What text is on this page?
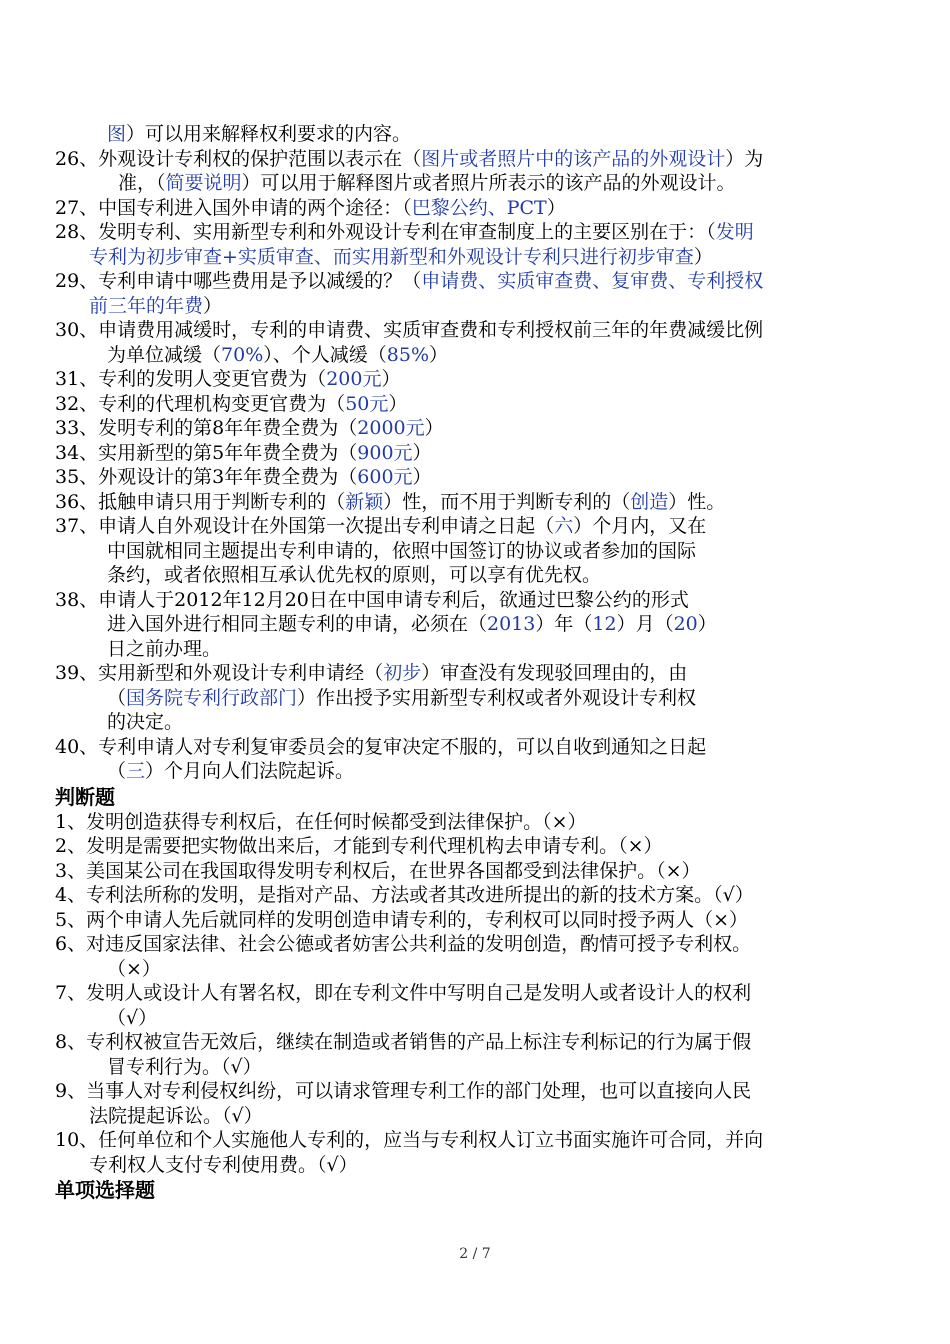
图）可以用来解释权利要求的内容。
26、外观设计专利权的保护范围以表示在（图片或者照片中的该产品的外观设计）为
准，（简要说明）可以用于解释图片或者照片所表示的该产品的外观设计。
27、中国专利进入国外申请的两个途径：（巴黎公约、PCT）
28、发明专利、实用新型专利和外观设计专利在审查制度上的主要区别在于：（发明
专利为初步审查+实质审查、而实用新型和外观设计专利只进行初步审查）
29、专利申请中哪些费用是予以减缓的？（申请费、实质审查费、复审费、专利授权
前三年的年费）
30、申请费用减缓时，专利的申请费、实质审查费和专利授权前三年的年费减缓比例
为单位减缓（70%）、个人减缓（85%）
31、专利的发明人变更官费为（200元）
32、专利的代理机构变更官费为（50元）
33、发明专利的第8年年费全费为（2000元）
34、实用新型的第5年年费全费为（900元）
35、外观设计的第3年年费全费为（600元）
36、抵触申请只用于判断专利的（新颖）性，而不用于判断专利的（创造）性。
37、申请人自外观设计在外国第一次提出专利申请之日起（六）个月内，又在
中国就相同主题提出专利申请的，依照中国签订的协议或者参加的国际
条约，或者依照相互承认优先权的原则，可以享有优先权。
38、申请人于2012年12月20日在中国申请专利后，欲通过巴黎公约的形式
进入国外进行相同主题专利的申请，必须在（2013）年（12）月（20）
日之前办理。
39、实用新型和外观设计专利申请经（初步）审查没有发现驳回理由的，由
（国务院专利行政部门）作出授予实用新型专利权或者外观设计专利权
的决定。
40、专利申请人对专利复审委员会的复审决定不服的，可以自收到通知之日起
（三）个月向人们法院起诉。
判断题
1、发明创造获得专利权后，在任何时候都受到法律保护。（×）
2、发明是需要把实物做出来后，才能到专利代理机构去申请专利。（×）
3、美国某公司在我国取得发明专利权后，在世界各国都受到法律保护。（×）
4、专利法所称的发明，是指对产品、方法或者其改进所提出的新的技术方案。（√）
5、两个申请人先后就同样的发明创造申请专利的，专利权可以同时授予两人（×）
6、对违反国家法律、社会公德或者妨害公共利益的发明创造，酌情可授予专利权。
（×）
7、发明人或设计人有署名权，即在专利文件中写明自己是发明人或者设计人的权利
（√）
8、专利权被宣告无效后，继续在制造或者销售的产品上标注专利标记的行为属于假
冒专利行为。（√）
9、当事人对专利侵权纠纷，可以请求管理专利工作的部门处理，也可以直接向人民
法院提起诉讼。（√）
10、任何单位和个人实施他人专利的，应当与专利权人订立书面实施许可合同，并向
专利权人支付专利使用费。（√）
单项选择题
2 / 7
